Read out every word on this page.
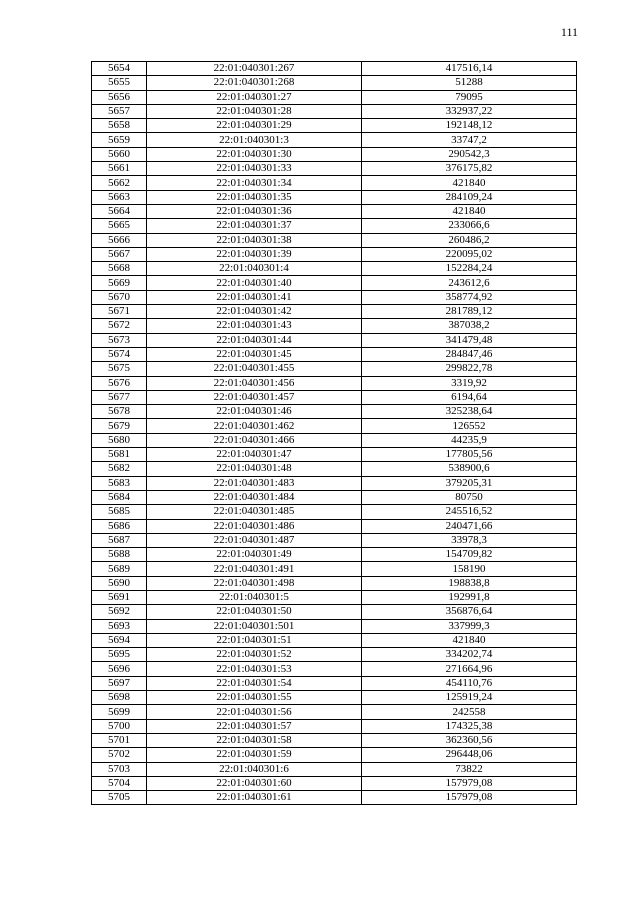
111
5654	22:01:040301:267	417516,14
5655	22:01:040301:268	51288
5656	22:01:040301:27	79095
5657	22:01:040301:28	332937,22
5658	22:01:040301:29	192148,12
5659	22:01:040301:3	33747,2
5660	22:01:040301:30	290542,3
5661	22:01:040301:33	376175,82
5662	22:01:040301:34	421840
5663	22:01:040301:35	284109,24
5664	22:01:040301:36	421840
5665	22:01:040301:37	233066,6
5666	22:01:040301:38	260486,2
5667	22:01:040301:39	220095,02
5668	22:01:040301:4	152284,24
5669	22:01:040301:40	243612,6
5670	22:01:040301:41	358774,92
5671	22:01:040301:42	281789,12
5672	22:01:040301:43	387038,2
5673	22:01:040301:44	341479,48
5674	22:01:040301:45	284847,46
5675	22:01:040301:455	299822,78
5676	22:01:040301:456	3319,92
5677	22:01:040301:457	6194,64
5678	22:01:040301:46	325238,64
5679	22:01:040301:462	126552
5680	22:01:040301:466	44235,9
5681	22:01:040301:47	177805,56
5682	22:01:040301:48	538900,6
5683	22:01:040301:483	379205,31
5684	22:01:040301:484	80750
5685	22:01:040301:485	245516,52
5686	22:01:040301:486	240471,66
5687	22:01:040301:487	33978,3
5688	22:01:040301:49	154709,82
5689	22:01:040301:491	158190
5690	22:01:040301:498	198838,8
5691	22:01:040301:5	192991,8
5692	22:01:040301:50	356876,64
5693	22:01:040301:501	337999,3
5694	22:01:040301:51	421840
5695	22:01:040301:52	334202,74
5696	22:01:040301:53	271664,96
5697	22:01:040301:54	454110,76
5698	22:01:040301:55	125919,24
5699	22:01:040301:56	242558
5700	22:01:040301:57	174325,38
5701	22:01:040301:58	362360,56
5702	22:01:040301:59	296448,06
5703	22:01:040301:6	73822
5704	22:01:040301:60	157979,08
5705	22:01:040301:61	157979,08
